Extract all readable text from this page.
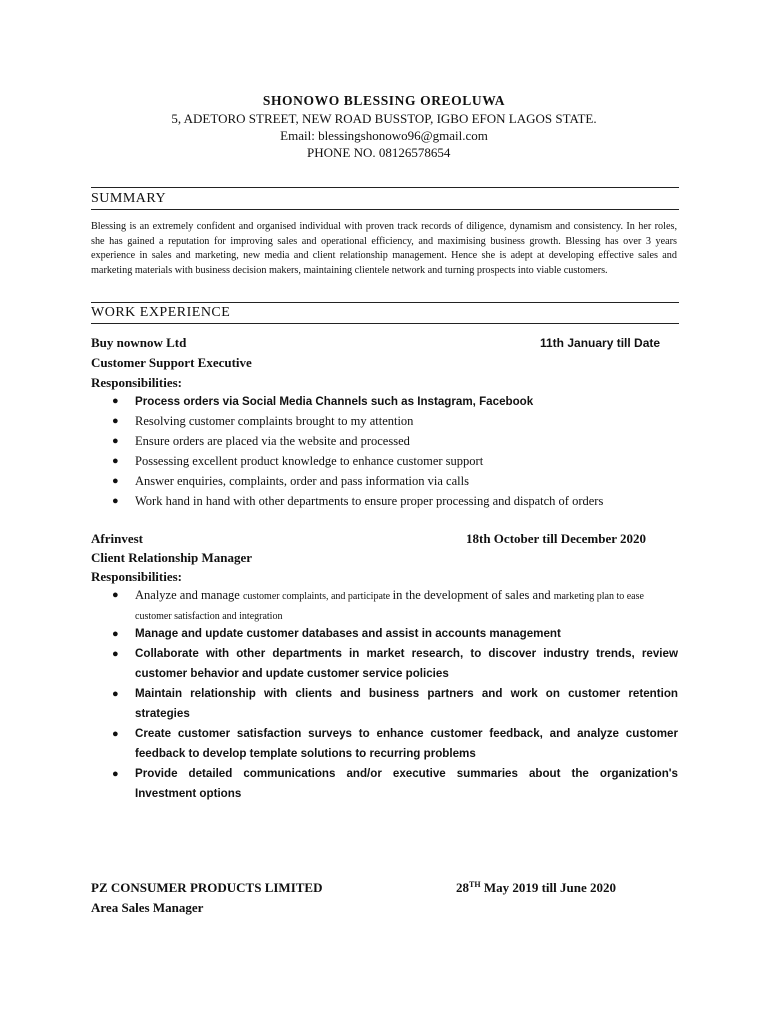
SHONOWO BLESSING OREOLUWA
5, ADETORO STREET, NEW ROAD BUSSTOP, IGBO EFON LAGOS STATE.
Email: blessingshonowo96@gmail.com
PHONE NO. 08126578654
SUMMARY
Blessing is an extremely confident and organised individual with proven track records of diligence, dynamism and consistency. In her roles, she has gained a reputation for improving sales and operational efficiency, and maximising business growth. Blessing has over 3 years experience in sales and marketing, new media and client relationship management. Hence she is adept at developing effective sales and marketing materials with business decision makers, maintaining clientele network and turning prospects into viable customers.
WORK EXPERIENCE
Buy nownow Ltd	11th January till Date
Customer Support Executive
Responsibilities:
● Process orders via Social Media Channels such as Instagram, Facebook
● Resolving customer complaints brought to my attention
● Ensure orders are placed via the website and processed
● Possessing excellent product knowledge to enhance customer support
● Answer enquiries, complaints, order and pass information via calls
● Work hand in hand with other departments to ensure proper processing and dispatch of orders
Afrinvest	18th October till December 2020
Client Relationship Manager
Responsibilities:
● Analyze and manage customer complaints, and participate in the development of sales and marketing plan to ease customer satisfaction and integration
● Manage and update customer databases and assist in accounts management
● Collaborate with other departments in market research, to discover industry trends, review customer behavior and update customer service policies
● Maintain relationship with clients and business partners and work on customer retention strategies
● Create customer satisfaction surveys to enhance customer feedback, and analyze customer feedback to develop template solutions to recurring problems
● Provide detailed communications and/or executive summaries about the organization's Investment options
PZ CONSUMER PRODUCTS LIMITED	28TH May 2019 till June 2020
Area Sales Manager
